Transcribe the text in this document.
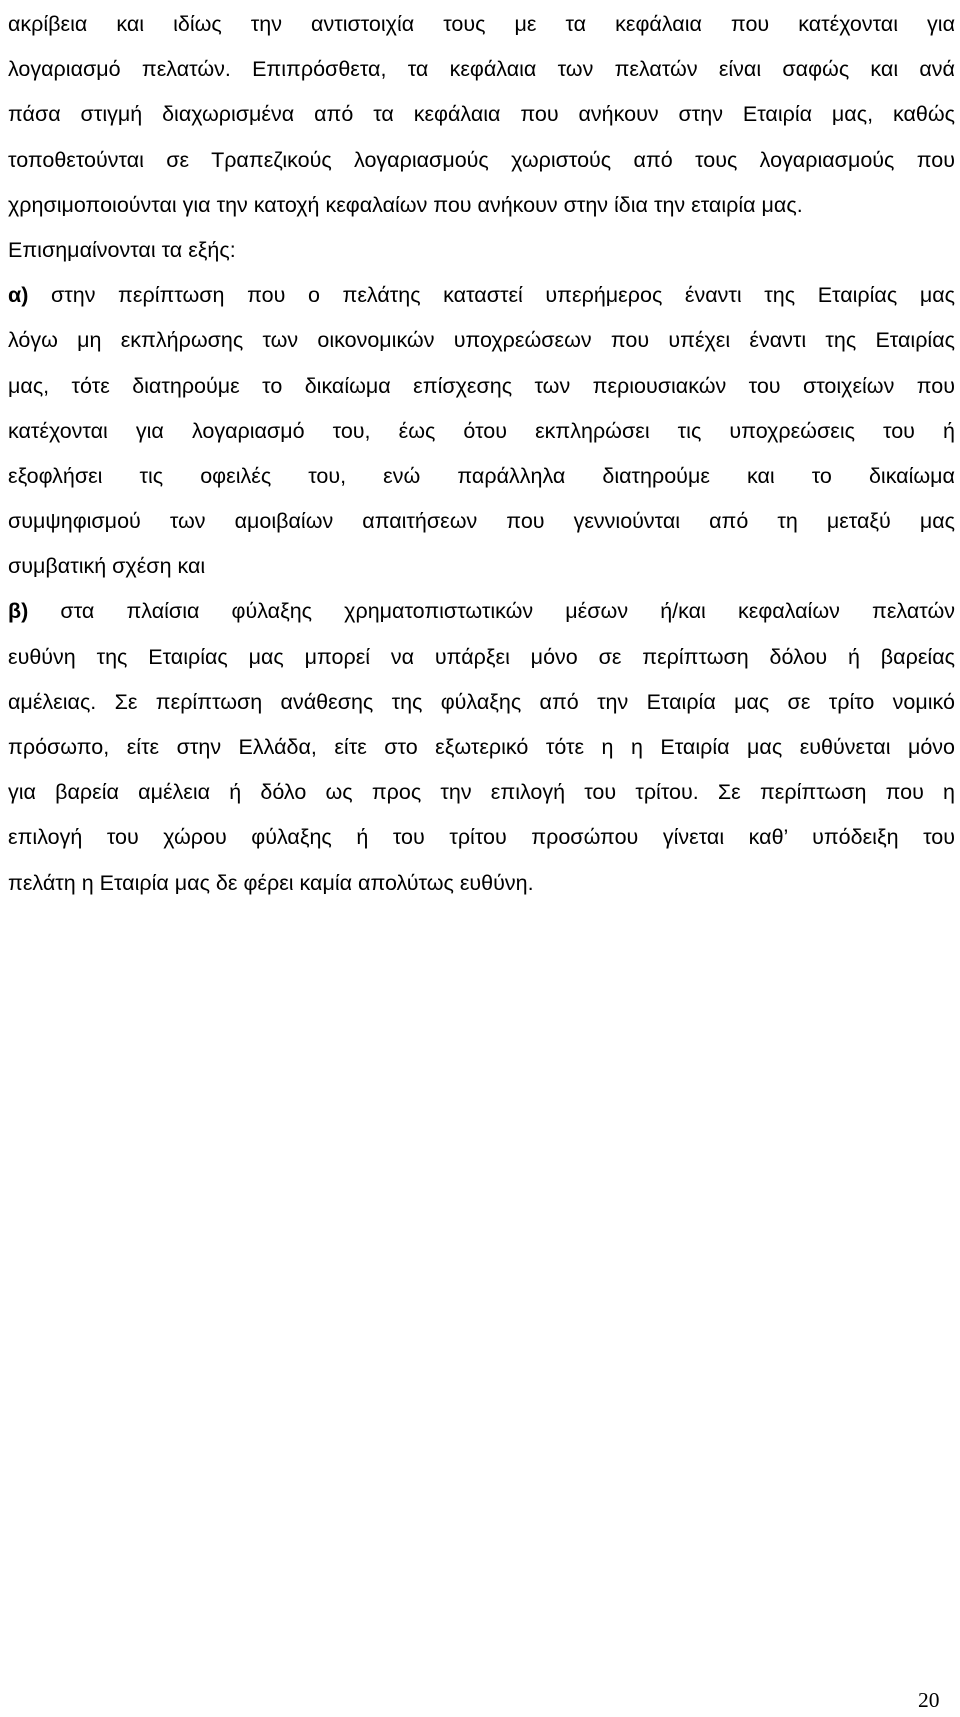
ακρίβεια και ιδίως την αντιστοιχία τους με τα κεφάλαια που κατέχονται για
λογαριασμό πελατών. Επιπρόσθετα, τα κεφάλαια των πελατών είναι σαφώς και ανά
πάσα στιγμή διαχωρισμένα από τα κεφάλαια που ανήκουν στην Εταιρία μας, καθώς
τοποθετούνται σε Τραπεζικούς λογαριασμούς χωριστούς από τους λογαριασμούς που
χρησιμοποιούνται για την κατοχή κεφαλαίων που ανήκουν στην ίδια την εταιρία μας.
Επισημαίνονται τα εξής:
α) στην περίπτωση που ο πελάτης καταστεί υπερήμερος έναντι της Εταιρίας μας
λόγω μη εκπλήρωσης των οικονομικών υποχρεώσεων που υπέχει έναντι της Εταιρίας
μας, τότε διατηρούμε το δικαίωμα επίσχεσης των περιουσιακών του στοιχείων που
κατέχονται για λογαριασμό του, έως ότου εκπληρώσει τις υποχρεώσεις του ή
εξοφλήσει τις οφειλές του, ενώ παράλληλα διατηρούμε και το δικαίωμα
συμψηφισμού των αμοιβαίων απαιτήσεων που γεννιούνται από τη μεταξύ μας
συμβατική σχέση και
β) στα πλαίσια φύλαξης χρηματοπιστωτικών μέσων ή/και κεφαλαίων πελατών
ευθύνη της Εταιρίας μας μπορεί να υπάρξει μόνο σε περίπτωση δόλου ή βαρείας
αμέλειας. Σε περίπτωση ανάθεσης της φύλαξης από την Εταιρία μας σε τρίτο νομικό
πρόσωπο, είτε στην Ελλάδα, είτε στο εξωτερικό τότε η η Εταιρία μας ευθύνεται μόνο
για βαρεία αμέλεια ή δόλο ως προς την επιλογή του τρίτου. Σε περίπτωση που η
επιλογή του χώρου φύλαξης ή του τρίτου προσώπου γίνεται καθ’ υπόδειξη του
πελάτη η Εταιρία μας δε φέρει καμία απολύτως ευθύνη.
20
